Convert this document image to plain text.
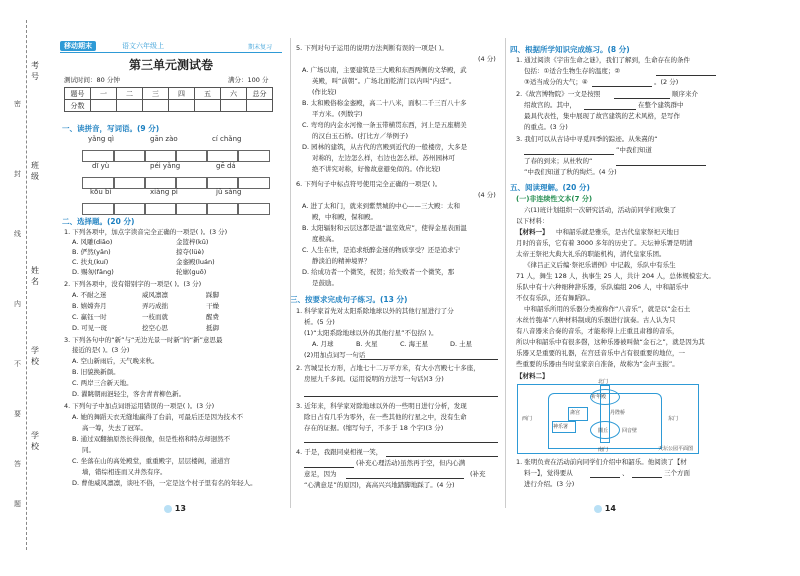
考号
班级
姓名
学校
学校
密
封
线
内
不
要
答
题
移动期末	语文六年级上	期末复习
第三单元测试卷
测试时间：80 分钟	满分：100 分
题号	一	二	三	四	五	六	总分
分数							
一、读拼音，写词语。(9 分)
yǎng qì	gān zào	cí chǎng
dī yù	péi yǎng	gē dá
kōu bì	xiàng pí	jǔ sàng
二、选择题。(20 分)
1. 下列各项中，加点字读音完全正确的一项是( )。(3 分)
A. 风雕(diāo)	金篮梓(kū)
B. 俨然(yān)	掠夺(lüè)
C. 扶丸(kuí)	金銮殿(luán)
D. 赐匆(fāng)	轮廓(guō)
2. 下列各项中，没有错别字的一项是( )。(3 分)
A. 不耐之迷	威风凛凛	踩脚
B. 嬉嫦奔月	弄巧成拙	干燥
C. 赢钰一时	一枝而就	醒费
D. 可见一斑	挖空心思	抵御
3. 下列各句中的“新”与“无边光景一时新”的“新”意思最
接近的是( )。(3 分)
A. 空山新雨后，天气晚来秋。
B. 旧貌换新颜。
C. 两岸三合新天地。
D. 濯眺朝雨浥轻尘，客舍青青柳色新。
4. 下列句子中加点词语运用错误的一项是( )。(3 分)
A. 她的舞蹈天衣无缝地赢得了台前，可最后还是因为技术不
高一筹，失去了冠军。
B. 通过双翻抽原然长得很像，但是性格和特点却迥然不
同。
C. 坐落在山的高处殿堂，重重殿宇，层层楼阁，道道宫
墙，错综相连而又井然有序。
D. 曹他威风凛凛，谈吐不俗，一定是这个村子里有名的年轻人。
5. 下列对句子运用的说明方法判断有误的一项是( )。
(4 分)
A. 广场以南，主要建筑是三大殿和东西两侧的文华殿，武
英殿，叫“前朝”。广场北面乾清门以内叫“内廷”。
(作比较)
B. 太和殿俗称金銮殿，高二十八米，面积二千三百八十多
平方米。(列数字)
C. 弯弯的内金水河像一条玉带横贯东西，河上是五座精美
的汉白玉石桥。(打比方／举例子)
D. 园林的建筑，从古代的宫殿到近代的一般楼房，大多是
对称的，左边怎么样，右边也怎么样。苏州园林可
绝不讲究对称，好像故意避免似的。(作比较)
6. 下列句子中标点符号使用完全正确的一项是( )。
(4 分)
A. 进了太和门，就来到紫禁城的中心——三大殿：太和
殿，中和殿，保和殿。
B. 太阳辐射和云层这都是温“温室效应”，使得金星表面温
度极高。
C. 人生在世，是追求纸醉金迷的物质享受？还是追求宁
静淡泊的精神境界？
D. 给成功者一个微笑，祝贺；给失败者一个微笑，那
是鼓励。
三、按要求完成句子练习。(13 分)
1. 科学家首先对太阳系除地球以外的其他行星进行了分
析。(5 分)
(1)“太阳系除地球以外的其他行星”不包括( )。
A. 月球	B. 火星	C. 海王星	D. 土星
(2)用加点词写一句话
2. 宫城呈长方形，占地七十二万平方米，有大小宫殿七十多座，
房屋九千多间。(运用说明的方法写一句话)(3 分)
3. 近年来，科学家对除地球以外的一些明日进行分析，发现
除日占有几乎为零外，在一些其他的行星之中，没有生命
存在的证据。(缩写句子，不多于 18 个字)(3 分)
4. 于是，我跟同桌相视一笑，
(补充心理活动)虽然再于空，但内心满
意足，因为	(补充
“心满意足”的原因)，高高兴兴地踏脚地踩了。(4 分)
四、根据所学知识完成练习。(8 分)
1. 通过阅读《宇宙生命之谜》，我们了解到，生命存在的条件
包括：①适合生物生存的温度；②
③适当成分的大气；④	。(2 分)
2.《故宫博物院》一文是按照	顺序来介
绍故宫的。其中，	在整个建筑群中
最具代表性，集中展现了故宫建筑的艺术风格，是写作
的重点。(3 分)
3. 我们可以从古诗中寻觅四季的踪迹。从朱熹的“
”中我们知道
了春的到来；从杜牧的“
”中我们知道了秋的绚烂。(4 分)
五、阅读理解。(20 分)
(一)非连续性文本(7 分)
六(1)班计划组织一次研究活动，活动前同学们收集了
以下材料：
【材料一】 中和韶乐就是雅乐，是古代皇家祭祀天地日
月时的音乐，它有着 3000 多年的历史了。天坛神乐署是明清
太帝王祭祀大典大礼乐的职能机构，清代皇家乐团。
《律吕正义后编·祭祀乐谱例》中记载，乐队中有乐生
71 人，舞生 128 人，执事生 25 人，共计 204 人，总体规模宏大。
乐队中有十六种细种辞乐器，乐队编组 206 人，中和韶乐中
不仅有乐队，还有舞蹈队。
中和韶乐所用的乐器分类被称作“八音乐”，就是以“金石土
木丝竹匏革”八种材料制成的乐器进行演奏。古人认为只
有八音器来合奏的音乐，才能称得上庄重且肃穆的音乐，
所以中和韶乐中有很多磬，这种乐器被叫做“金石之”，就是因为其
乐器又是重要的礼器，在宫廷音乐中占有很重要的地位，一
些重要的乐器由当时皇家亲自准备，故称为“金声玉振”。
【材料二】
祈年殿
神乐署
斋宫
圜丘	回音壁
丹陛桥
西门	东门
北门
南门	天坛公园平面图
1. 张明负责在活动前向同学们介绍中和韶乐。他阅读了【材
料一】，觉得要从	、	三个方面
进行介绍。(3 分)
13	14
